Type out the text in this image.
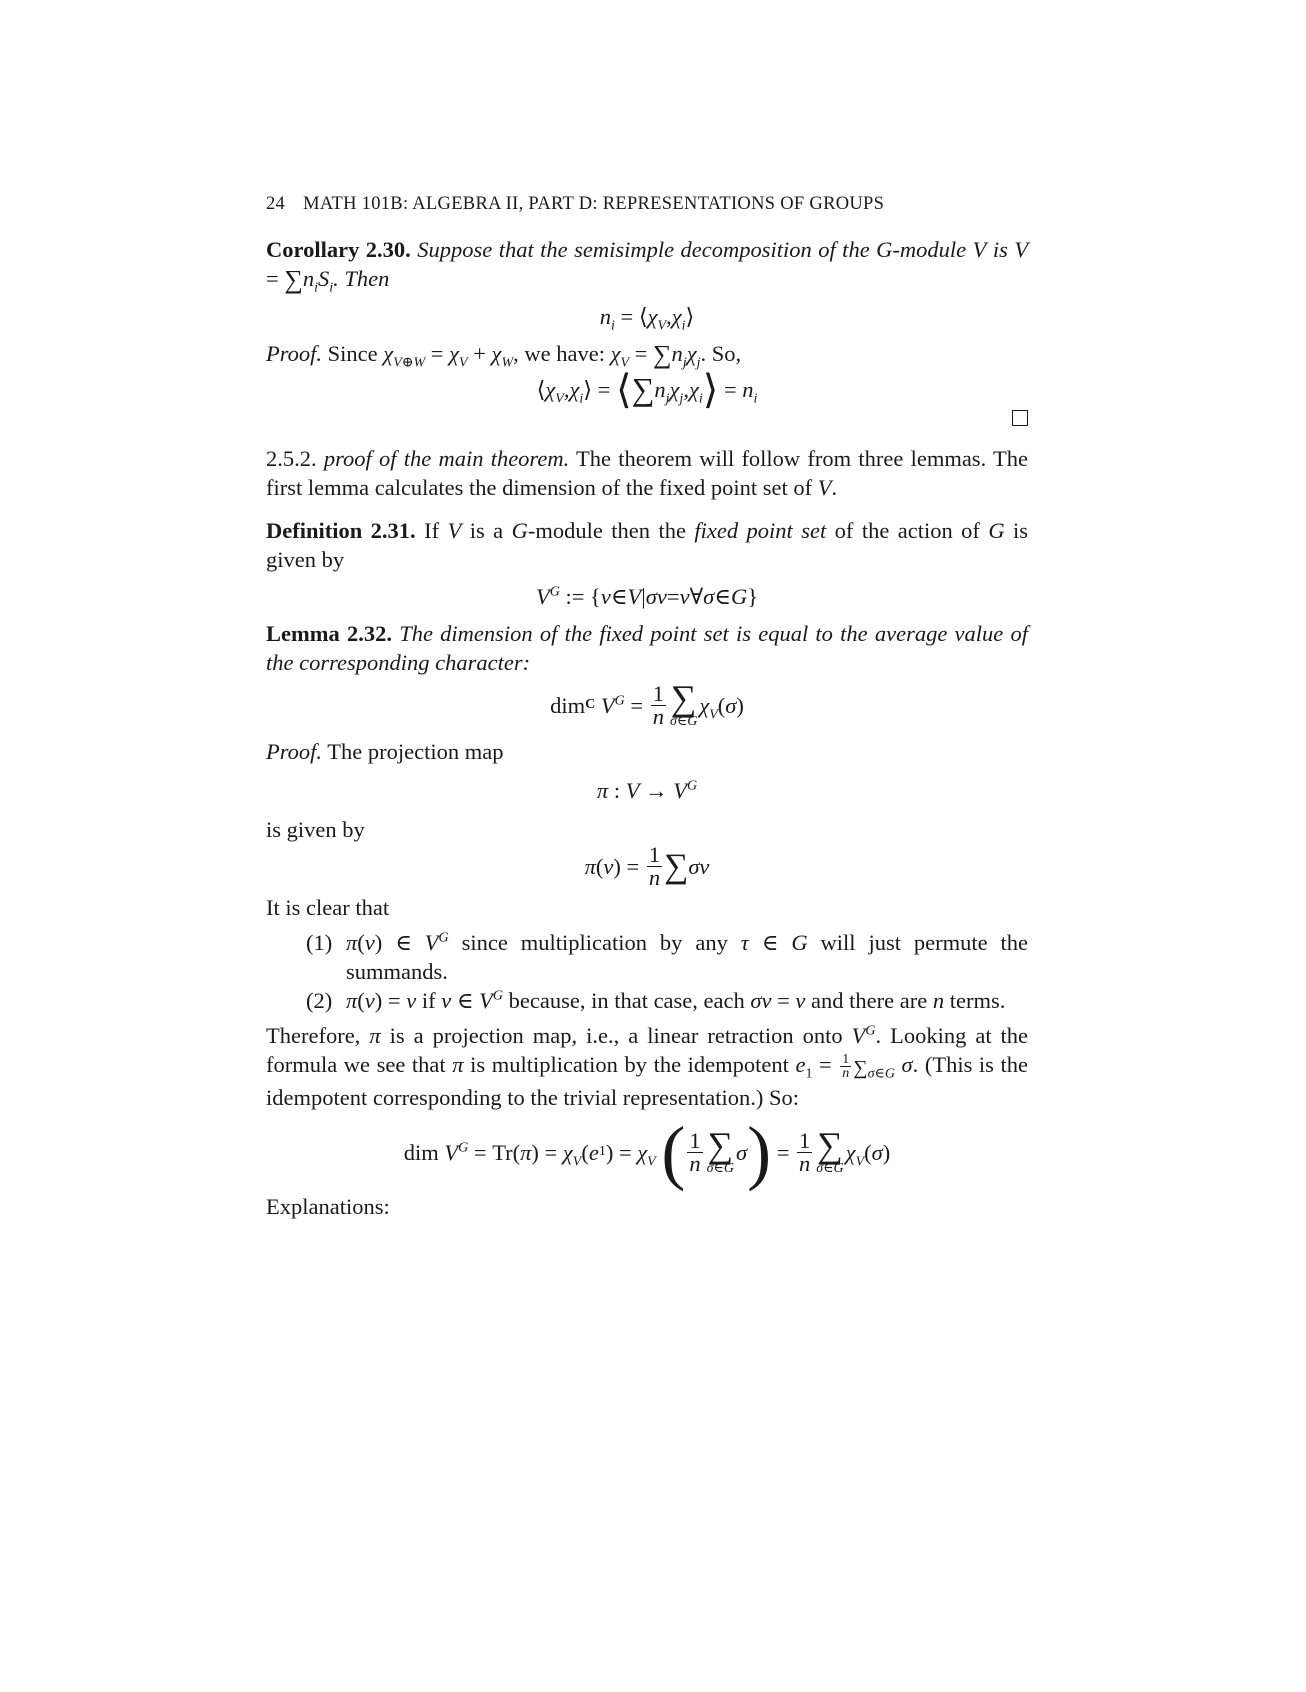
24 MATH 101B: ALGEBRA II, PART D: REPRESENTATIONS OF GROUPS

Corollary 2.30. Suppose that the semisimple decomposition of the G-module V is $V = \sum n_iS_i$. Then

$n_i$ = ⟨ $\chi_V$ , $\chi_i$ ⟩

Proof. Since $\chi_{V\oplus W} = \chi_V + \chi_W$, we have: $\chi_V = \sum n_j\chi_j$. So,

⟨ $\chi_V$ , $\chi_i$ ⟩ = ⟨ ∑ $n_j\chi_j$ , $\chi_i$ ⟩ = $n_i$

2.5.2. proof of the main theorem. The theorem will follow from three lemmas. The first lemma calculates the dimension of the fixed point set of V.

Definition 2.31. If V is a G-module then the fixed point set of the action of G is given by

$V^G$ := { v ∈ V | σv = v ∀ σ ∈ G }

Lemma 2.32. The dimension of the fixed point set is equal to the average value of the corresponding character:

dim C
$V^G = \frac{1}{n}$ ∑
σ∈G
$\chi_V$ ( σ )

Proof. The projection map

π : $V \to V^G$

is given by

π ( v ) = $\frac{1}{n}$ ∑ σv

It is clear that

(1) π(v) ∈ $V^G$ since multiplication by any τ ∈ G will just permute the summands.
(2) π(v) = v if v ∈ $V^G$ because, in that case, each σv = v and there are n terms.

Therefore, π is a projection map, i.e., a linear retraction onto $V^G$. Looking at the formula we see that π is multiplication by the idempotent $e_1 = \frac{1}{n} \sum_{\sigma\in G}$ σ. (This is the idempotent corresponding to the trivial representation.) So:

dim $V^G = Tr$( π ) = $\chi_V$ ( e 1 ) = $\chi_V$
( $\frac{1}{n}$ ∑
σ∈G
σ ) = $\frac{1}{n}$ ∑
σ∈G
$\chi_V$ ( σ )

Explanations:
